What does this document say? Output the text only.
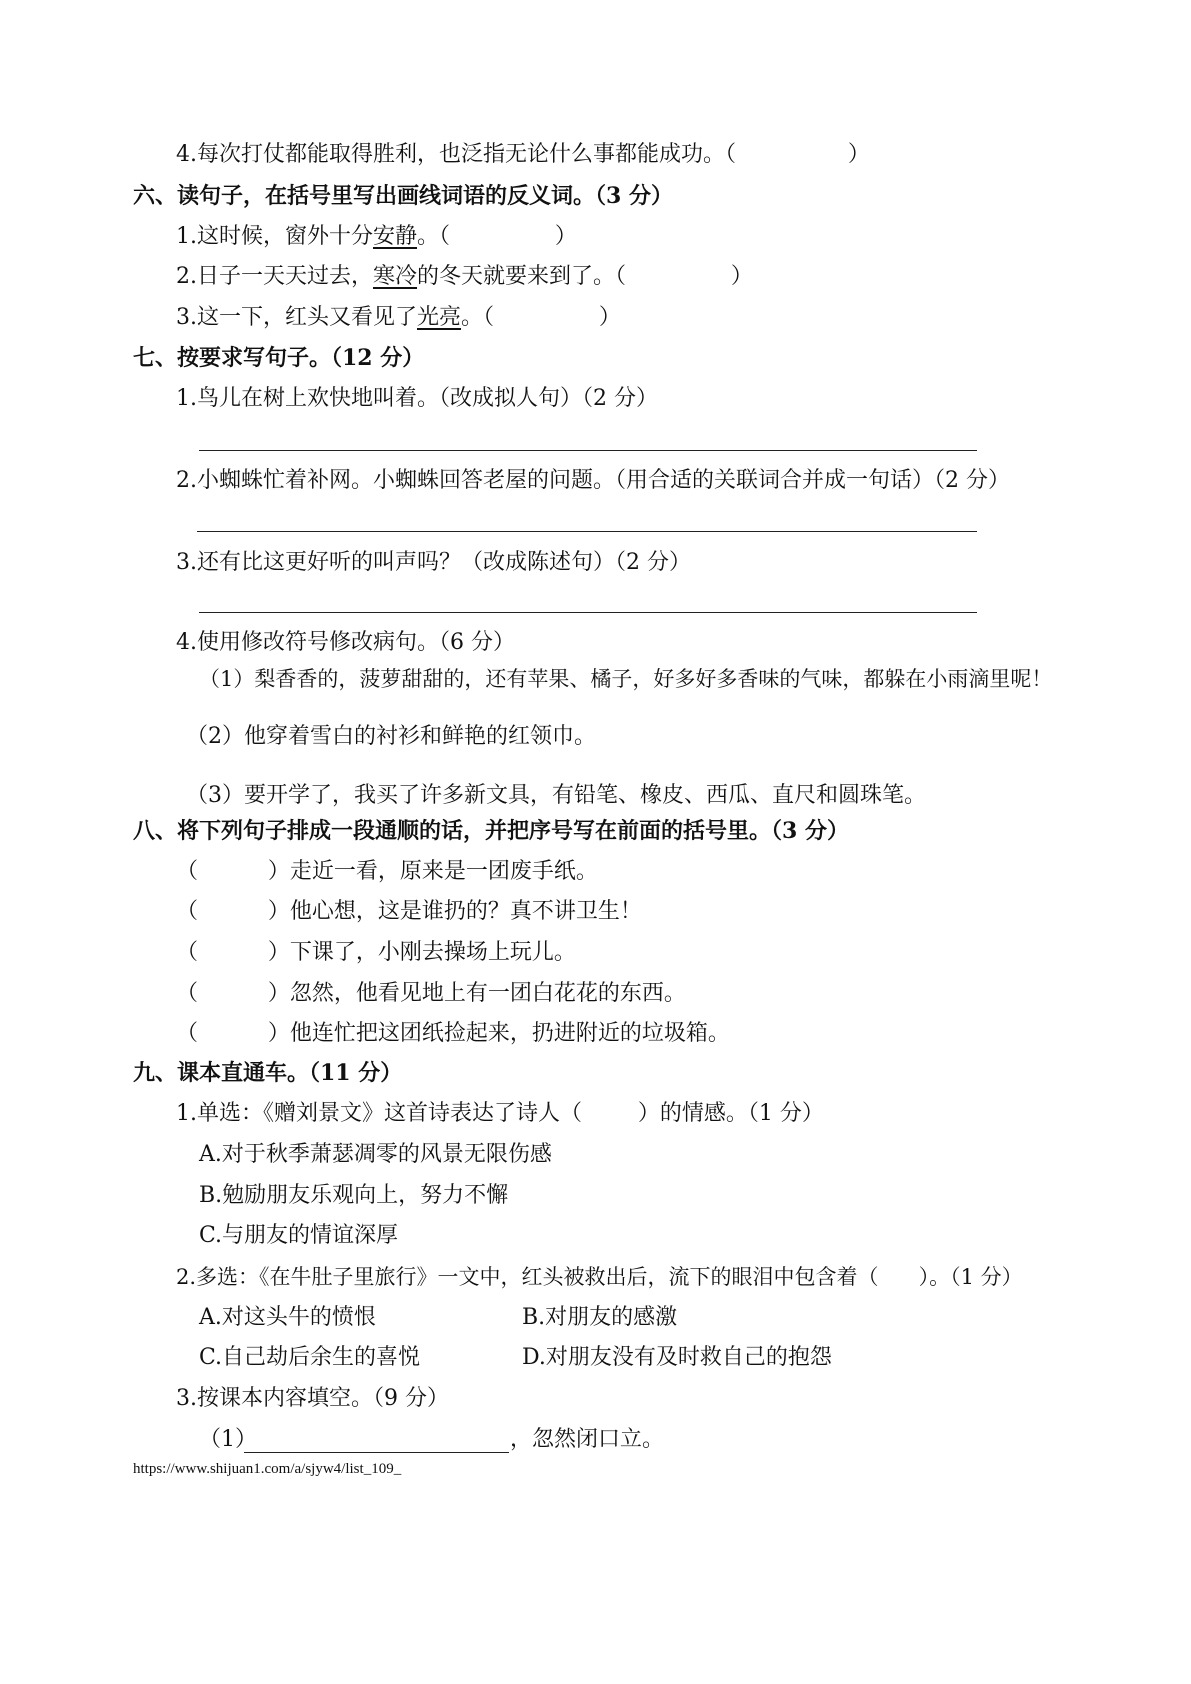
4.每次打仗都能取得胜利，也泛指无论什么事都能成功。（                ）
六、读句子，在括号里写出画线词语的反义词。（3 分）
1.这时候，窗外十分安静。（               ）
2.日子一天天过去，寒冷的冬天就要来到了。（               ）
3.这一下，红头又看见了光亮。（               ）
七、按要求写句子。（12 分）
1.鸟儿在树上欢快地叫着。（改成拟人句）（2 分）
2.小蜘蛛忙着补网。小蜘蛛回答老屋的问题。（用合适的关联词合并成一句话）（2 分）
3.还有比这更好听的叫声吗？（改成陈述句）（2 分）
4.使用修改符号修改病句。（6 分）
（1）梨香香的，菠萝甜甜的，还有苹果、橘子，好多好多香味的气味，都躲在小雨滴里呢！
（2）他穿着雪白的衬衫和鲜艳的红领巾。
（3）要开学了，我买了许多新文具，有铅笔、橡皮、西瓜、直尺和圆珠笔。
八、将下列句子排成一段通顺的话，并把序号写在前面的括号里。（3 分）
（          ）走近一看，原来是一团废手纸。
（          ）他心想，这是谁扔的？真不讲卫生！
（          ）下课了，小刚去操场上玩儿。
（          ）忽然，他看见地上有一团白花花的东西。
（          ）他连忙把这团纸捡起来，扔进附近的垃圾箱。
九、课本直通车。（11 分）
1.单选：《赠刘景文》这首诗表达了诗人（        ）的情感。（1 分）
A.对于秋季萧瑟凋零的风景无限伤感
B.勉励朋友乐观向上，努力不懈
C.与朋友的情谊深厚
2.多选：《在牛肚子里旅行》一文中，红头被救出后，流下的眼泪中包含着（      ）。（1 分）
A.对这头牛的愤恨	B.对朋友的感激
C.自己劫后余生的喜悦	D.对朋友没有及时救自己的抱怨
3.按课本内容填空。（9 分）
（1）	，忽然闭口立。
https://www.shijuan1.com/a/sjyw4/list_109_
